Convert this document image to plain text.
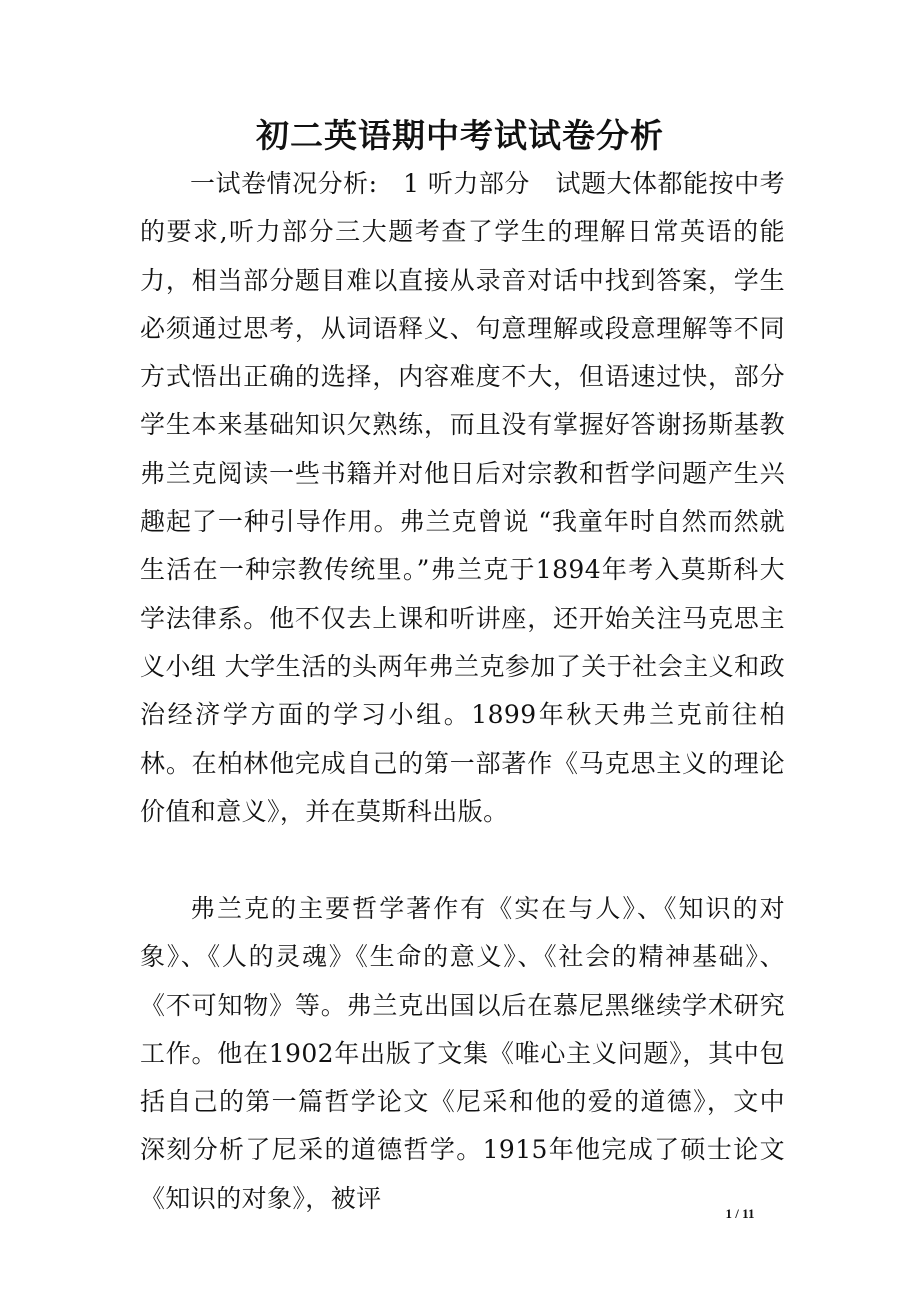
初二英语期中考试试卷分析

一试卷情况分析:　1 听力部分　试题大体都能按中考的要求,听力部分三大题考查了学生的理解日常英语的能力，相当部分题目难以直接从录音对话中找到答案，学生必须通过思考，从词语释义、句意理解或段意理解等不同方式悟出正确的选择，内容难度不大，但语速过快，部分学生本来基础知识欠熟练，而且没有掌握好答谢扬斯基教弗兰克阅读一些书籍并对他日后对宗教和哲学问题产生兴趣起了一种引导作用。弗兰克曾说 “我童年时自然而然就生活在一种宗教传统里。”弗兰克于1894年考入莫斯科大学法律系。他不仅去上课和听讲座，还开始关注马克思主义小组 大学生活的头两年弗兰克参加了关于社会主义和政治经济学方面的学习小组。1899年秋天弗兰克前往柏林。在柏林他完成自己的第一部著作《马克思主义的理论价值和意义》，并在莫斯科出版。

弗兰克的主要哲学著作有《实在与人》、《知识的对象》、《人的灵魂》《生命的意义》、《社会的精神基础》、《不可知物》等。弗兰克出国以后在慕尼黑继续学术研究工作。他在1902年出版了文集《唯心主义问题》，其中包括自己的第一篇哲学论文《尼采和他的爱的道德》，文中深刻分析了尼采的道德哲学。1915年他完成了硕士论文《知识的对象》，被评

1 / 11
